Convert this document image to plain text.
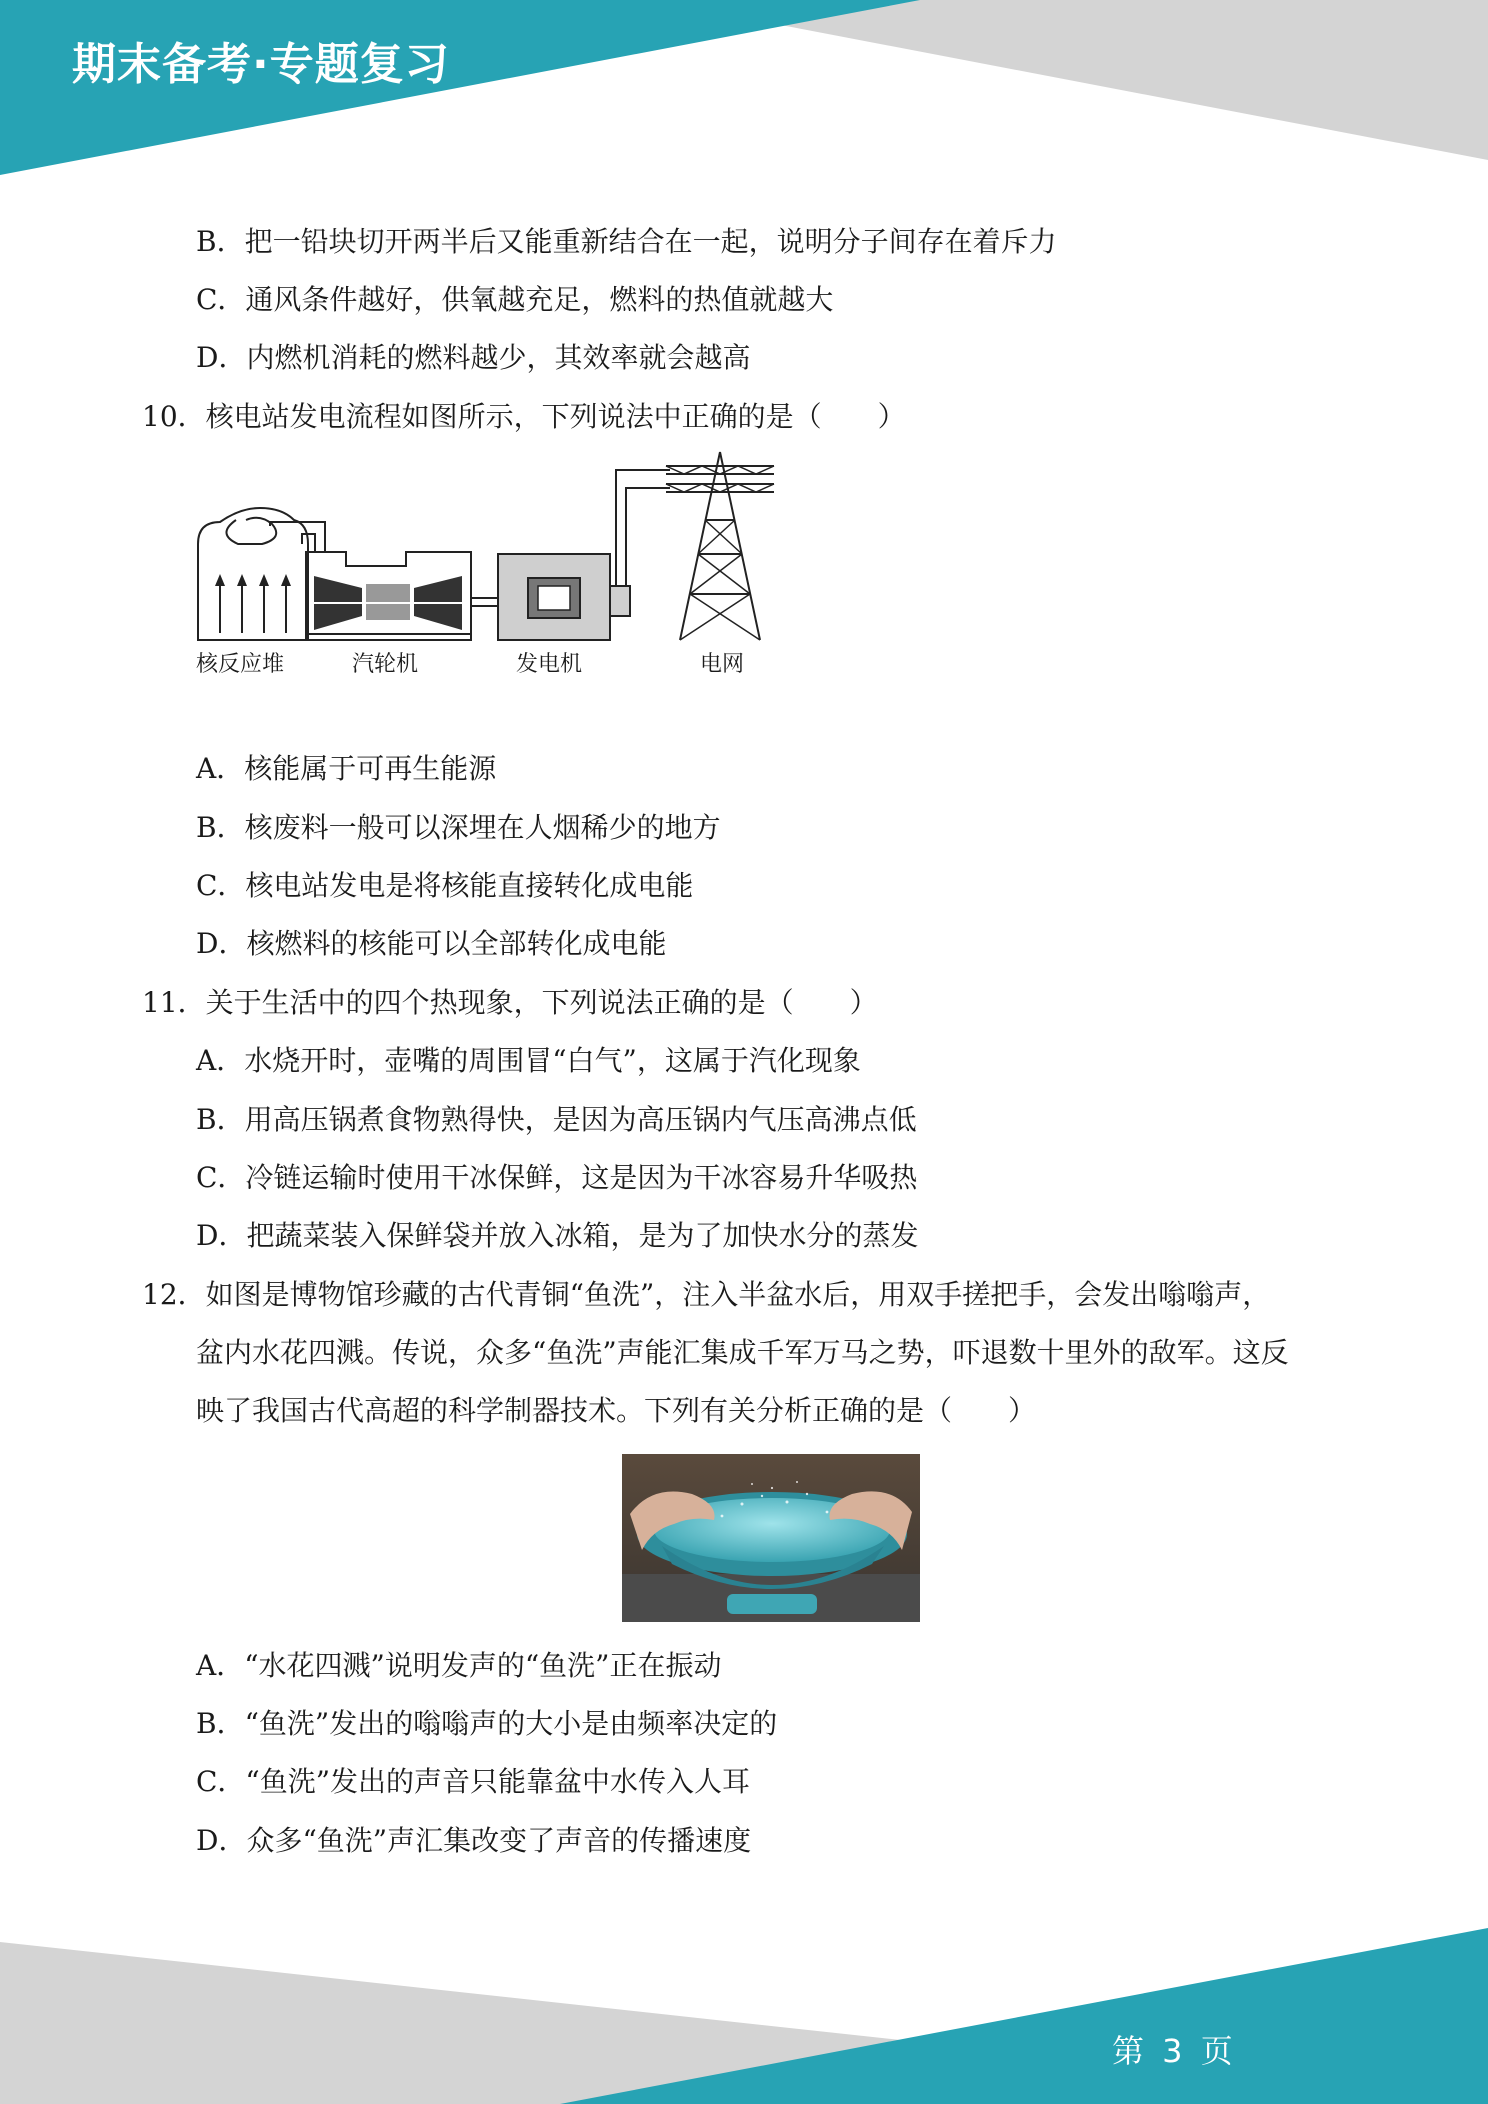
期末备考·专题复习
B．把一铅块切开两半后又能重新结合在一起，说明分子间存在着斥力
C．通风条件越好，供氧越充足，燃料的热值就越大
D．内燃机消耗的燃料越少，其效率就会越高
10．核电站发电流程如图所示，下列说法中正确的是（　　）
核反应堆	汽轮机	发电机	电网
A．核能属于可再生能源
B．核废料一般可以深埋在人烟稀少的地方
C．核电站发电是将核能直接转化成电能
D．核燃料的核能可以全部转化成电能
11．关于生活中的四个热现象，下列说法正确的是（　　）
A．水烧开时，壶嘴的周围冒“白气”，这属于汽化现象
B．用高压锅煮食物熟得快，是因为高压锅内气压高沸点低
C．冷链运输时使用干冰保鲜，这是因为干冰容易升华吸热
D．把蔬菜装入保鲜袋并放入冰箱，是为了加快水分的蒸发
12．如图是博物馆珍藏的古代青铜“鱼洗”，注入半盆水后，用双手搓把手，会发出嗡嗡声，
盆内水花四溅。传说，众多“鱼洗”声能汇集成千军万马之势，吓退数十里外的敌军。这反
映了我国古代高超的科学制器技术。下列有关分析正确的是（　　）
A．“水花四溅”说明发声的“鱼洗”正在振动
B．“鱼洗”发出的嗡嗡声的大小是由频率决定的
C．“鱼洗”发出的声音只能靠盆中水传入人耳
D．众多“鱼洗”声汇集改变了声音的传播速度
第 3 页
